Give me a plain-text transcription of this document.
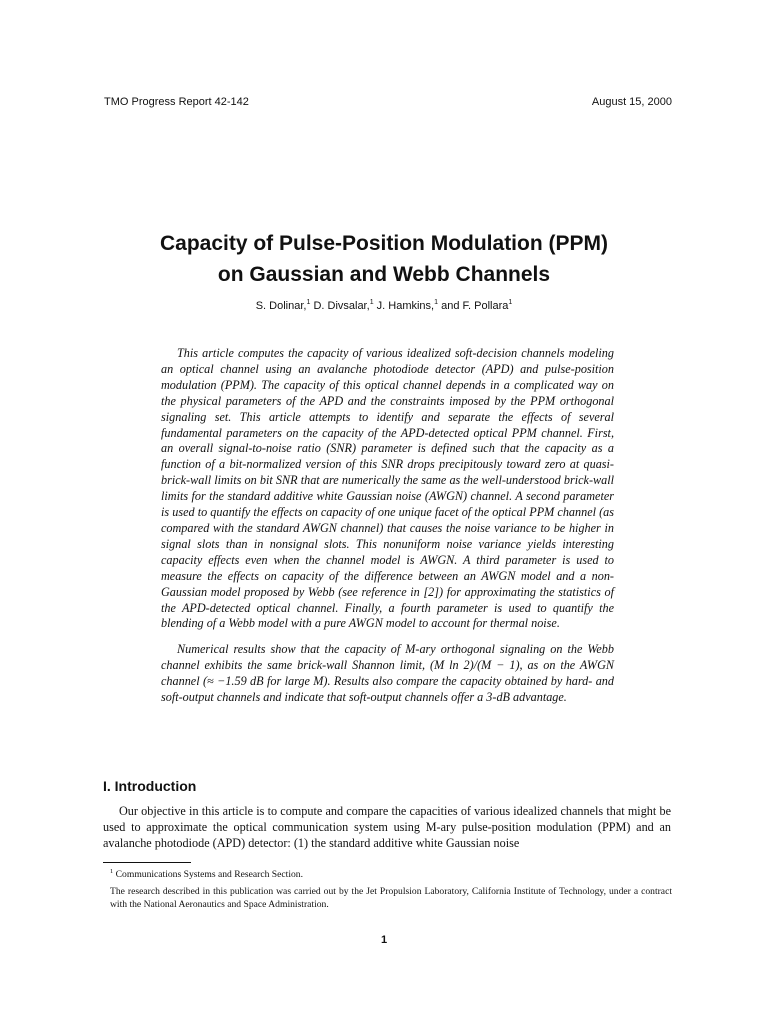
TMO Progress Report 42-142	August 15, 2000
Capacity of Pulse-Position Modulation (PPM)
on Gaussian and Webb Channels
S. Dolinar,$^1$ D. Divsalar,$^1$ J. Hamkins,$^1$ and F. Pollara$^1$

This article computes the capacity of various idealized soft-decision channels modeling an optical channel using an avalanche photodiode detector (APD) and pulse-position modulation (PPM). The capacity of this optical channel depends in a complicated way on the physical parameters of the APD and the constraints imposed by the PPM orthogonal signaling set. This article attempts to identify and separate the effects of several fundamental parameters on the capacity of the APD-detected optical PPM channel. First, an overall signal-to-noise ratio (SNR) parameter is defined such that the capacity as a function of a bit-normalized version of this SNR drops precipitously toward zero at quasi-brick-wall limits on bit SNR that are numerically the same as the well-understood brick-wall limits for the standard additive white Gaussian noise (AWGN) channel. A second parameter is used to quantify the effects on capacity of one unique facet of the optical PPM channel (as compared with the standard AWGN channel) that causes the noise variance to be higher in signal slots than in nonsignal slots. This nonuniform noise variance yields interesting capacity effects even when the channel model is AWGN. A third parameter is used to measure the effects on capacity of the difference between an AWGN model and a non-Gaussian model proposed by Webb (see reference in [2]) for approximating the statistics of the APD-detected optical channel. Finally, a fourth parameter is used to quantify the blending of a Webb model with a pure AWGN model to account for thermal noise.

Numerical results show that the capacity of M-ary orthogonal signaling on the Webb channel exhibits the same brick-wall Shannon limit, (M ln 2)/(M − 1), as on the AWGN channel (≈ −1.59 dB for large M). Results also compare the capacity obtained by hard- and soft-output channels and indicate that soft-output channels offer a 3-dB advantage.

I. Introduction

Our objective in this article is to compute and compare the capacities of various idealized channels that might be used to approximate the optical communication system using M-ary pulse-position modulation (PPM) and an avalanche photodiode (APD) detector: (1) the standard additive white Gaussian noise

$^1$ Communications Systems and Research Section.
The research described in this publication was carried out by the Jet Propulsion Laboratory, California Institute of Technology, under a contract with the National Aeronautics and Space Administration.
1
